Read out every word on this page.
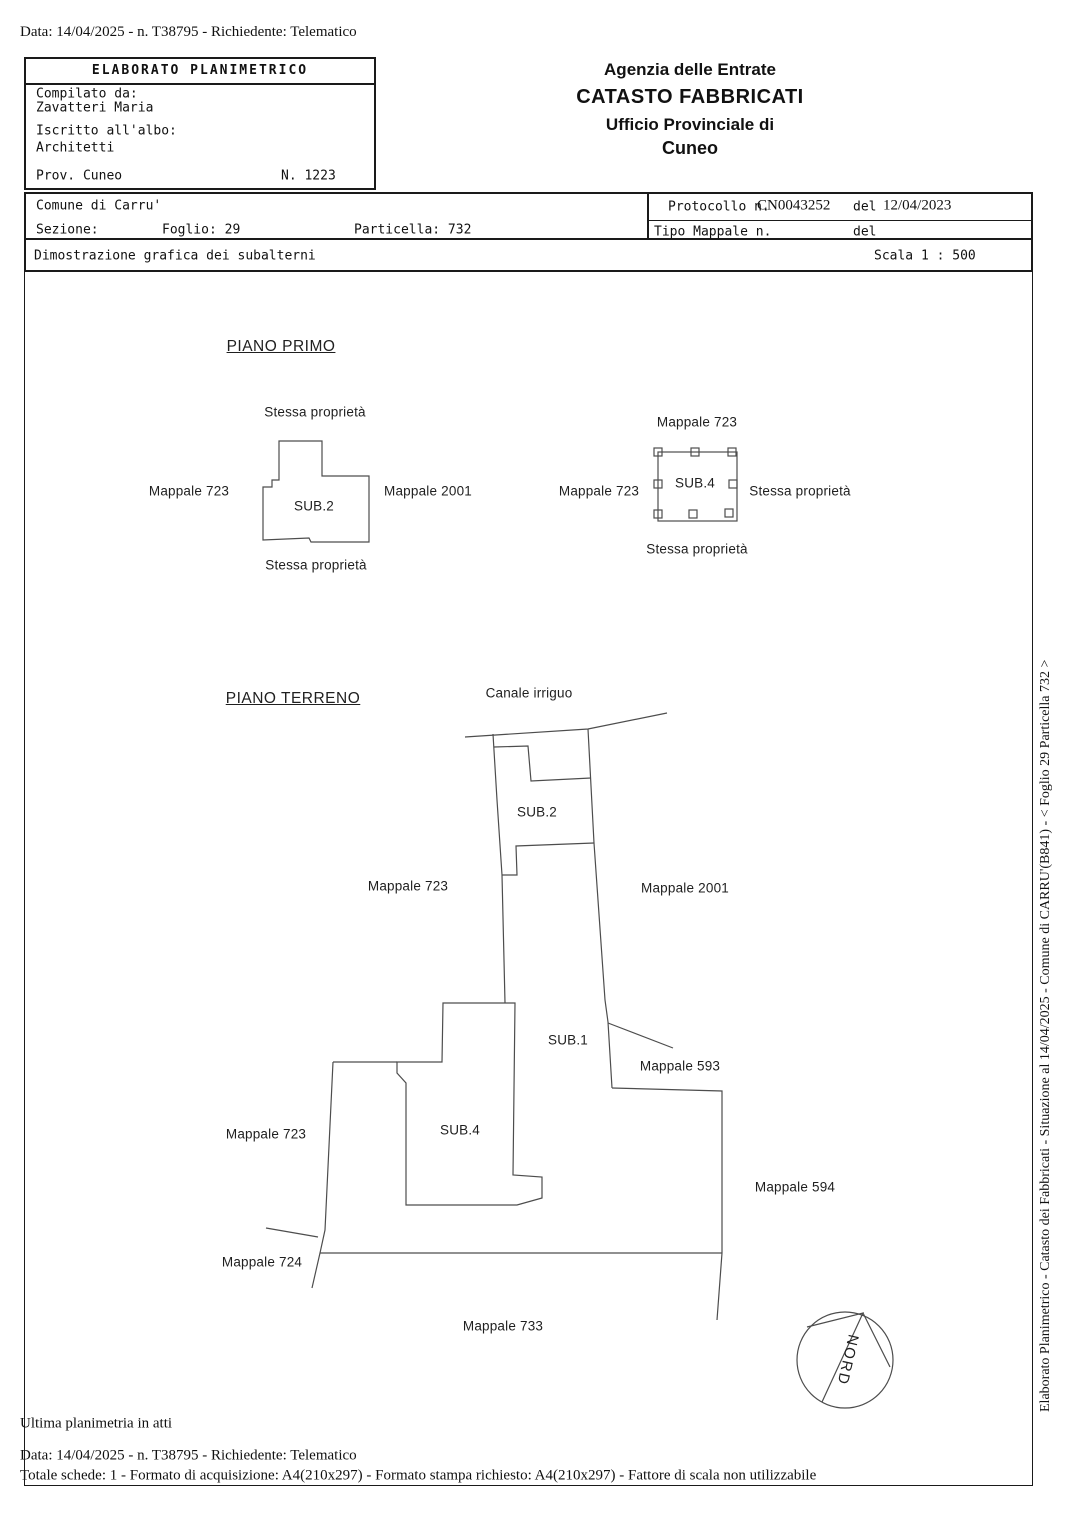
Data: 14/04/2025 - n. T38795 - Richiedente: Telematico
ELABORATO PLANIMETRICO
Compilato da:
Zavatteri Maria
Iscritto all'albo:
Architetti
Prov. Cuneo	N. 1223
Agenzia delle Entrate
CATASTO FABBRICATI
Ufficio Provinciale di
Cuneo
Comune di Carru'
Sezione:	Foglio: 29	Particella: 732
Protocollo n.
CN0043252 del 12/04/2023
Tipo Mappale n.	del
Dimostrazione grafica dei subalterni	Scala 1 : 500
NORD
PIANO PRIMO
PIANO TERRENO
Stessa proprietà
Mappale 723
SUB.2
Mappale 2001
Stessa proprietà
Mappale 723
SUB.4
Mappale 723	Stessa proprietà
Stessa proprietà
Canale irriguo
SUB.2
Mappale 723	Mappale 2001
SUB.1
Mappale 593
Mappale 723	SUB.4
Mappale 594
Mappale 724
Mappale 733	Elaborato Planimetrico - Catasto dei Fabbricati - Situazione al 14/04/2025 - Comune di CARRU'(B841) - < Foglio 29 Particella 732 >
Ultima planimetria in atti
Data: 14/04/2025 - n. T38795 - Richiedente: Telematico
Totale schede: 1 - Formato di acquisizione: A4(210x297) - Formato stampa richiesto: A4(210x297) - Fattore di scala non utilizzabile
